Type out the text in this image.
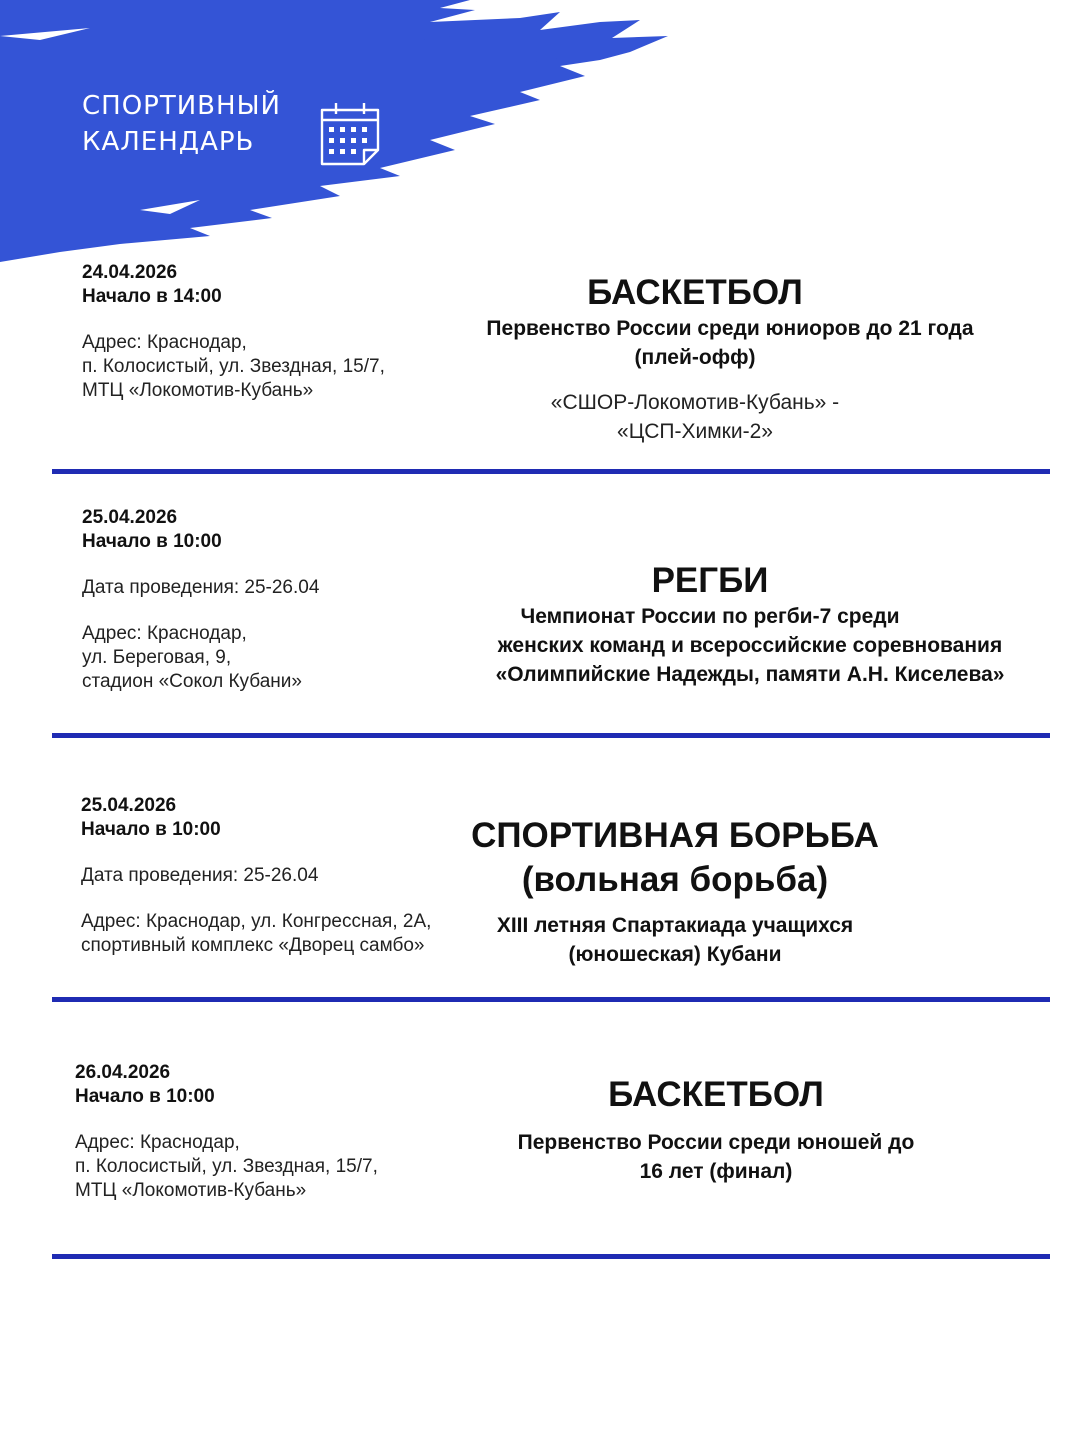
СПОРТИВНЫЙ
КАЛЕНДАРЬ
24.04.2026
Начало в 14:00
Адрес: Краснодар,
п. Колосистый, ул. Звездная, 15/7,
МТЦ «Локомотив-Кубань»
БАСКЕТБОЛ
Первенство России среди юниоров до 21 года
(плей-офф)
«СШОР-Локомотив-Кубань» -
«ЦСП-Химки-2»
25.04.2026
Начало в 10:00
Дата проведения: 25-26.04
Адрес: Краснодар,
ул. Береговая, 9,
стадион «Сокол Кубани»
РЕГБИ
Чемпионат России по регби-7 среди
женских команд и всероссийские соревнования
«Олимпийские Надежды, памяти А.Н. Киселева»
25.04.2026
Начало в 10:00
Дата проведения: 25-26.04
Адрес: Краснодар, ул. Конгрессная, 2А,
спортивный комплекс «Дворец самбо»
СПОРТИВНАЯ БОРЬБА
(вольная борьба)
XIII летняя Спартакиада учащихся
(юношеская) Кубани
26.04.2026
Начало в 10:00
Адрес: Краснодар,
п. Колосистый, ул. Звездная, 15/7,
МТЦ «Локомотив-Кубань»
БАСКЕТБОЛ
Первенство России среди юношей до
16 лет (финал)
